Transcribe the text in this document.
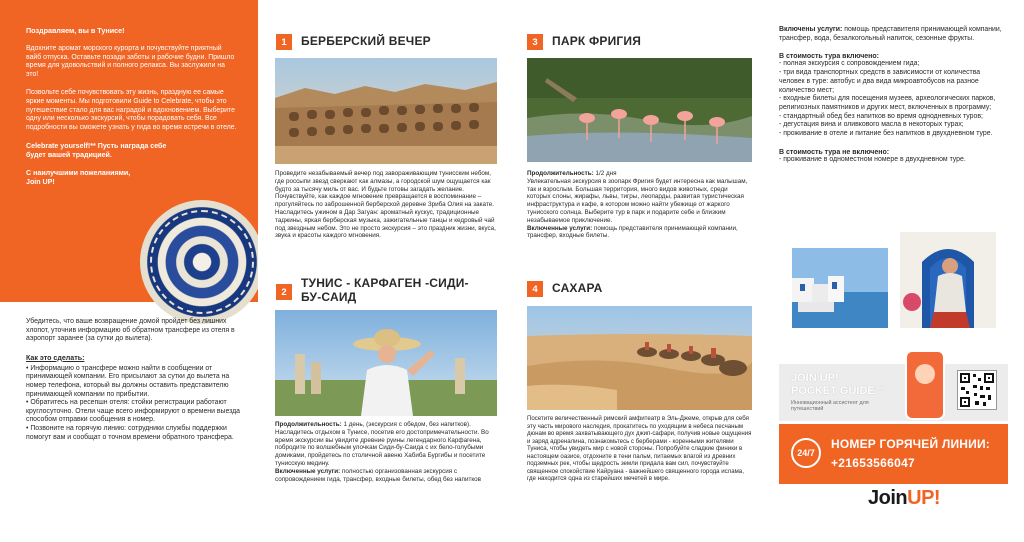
Поздравляем, вы в Тунисе!
Вдохните аромат морского курорта и почувствуйте приятный вайб отпуска. Оставьте позади заботы и рабочие будни. Пришло время для удовольствий и полного релакса. Вы заслужили на это!
Позвольте себе почувствовать эту жизнь, праздную ее самые яркие моменты. Мы подготовили Guide to Celebrate, чтобы это путешествие стало для вас наградой и вдохновением. Выберите одну или несколько экскурсий, чтобы порадовать себя. Все подробности вы сможете узнать у гида во время встречи в отеле.
Celebrate yourself!** Пусть награда себе будет вашей традицией.
С наилучшими пожеланиями,
Join UP!
Убедитесь, что ваше возвращение домой пройдет без лишних хлопот, уточнив информацию об обратном трансфере из отеля в аэропорт заранее (за сутки до вылета).
Как это сделать:
• Информацию о трансфере можно найти в сообщении от принимающей компании. Его присылают за сутки до вылета на номер телефона, который вы должны оставить представителю принимающей компании по прибытии.
• Обратитесь на ресепшн отеля: стойки регистрации работают круглосуточно. Отели чаще всего информируют о времени выезда способом отправки сообщения в номер.
• Позвоните на горячую линию: сотрудники службы поддержки помогут вам и сообщат о точном времени обратного трансфера.
1	БЕРБЕРСКИЙ ВЕЧЕР
Проведите незабываемый вечер под завораживающим тунисским небом, где россыпи звезд сверкают как алмазы, а городской шум ощущается как будто за тысячу миль от вас. И будьте готовы загадать желание. Почувствуйте, как каждое мгновение превращается в воспоминание – прогуляйтесь по заброшенной берберской деревне Зриба Олия на закате. Насладитесь ужином в Дар Загуан: ароматный кускус, традиционные таджины, яркая берберская музыка, зажигательные танцы и кедровый чай под звездным небом. Это не просто экскурсия – это праздник жизни, вкуса, звука и красоты каждого мгновения.
2
ТУНИС - КАРФАГЕН -СИДИ-
БУ-САИД
Продолжительность: 1 день, (экскурсия с обедом, без напитков). Насладитесь отдыхом в Тунисе, посетив его достопримечательности. Во время экскурсии вы увидите древние руины легендарного Карфагена, побродите по волшебным улочкам Сиди-бу-Саида с их бело-голубыми домиками, пройдетесь по столичной авеню Хабиба Бургибы и посетите тунисскую медину.
Включенные услуги: полностью организованная экскурсия с сопровождением гида, трансфер, входные билеты, обед без напитков
3	ПАРК ФРИГИЯ
Продолжительность: 1/2 дня
Увлекательная экскурсия в зоопарк Фригия будет интересна как малышам, так и взрослым. Большая территория, много видов животных, среди которых слоны, жирафы, львы, тигры, леопарды, развитая туристическая инфраструктура и кафе, в котором можно найти убежище от жаркого тунисского солнца. Выберите тур в парк и подарите себе и близким незабываемое приключение.
Включенные услуги: помощь представителя принимающей компании, трансфер, входные билеты.
4	САХАРА
Посетите величественный римский амфитеатр в Эль-Джеме, открыв для себя эту часть мирового наследия, прокатитесь по уходящим в небеса песчаным дюнам во время захватывающего дух джип-сафари, получив новые ощущения и заряд адреналина, познакомьтесь с берберами - коренными жителями Туниса, чтобы увидеть мир с новой стороны. Попробуйте сладкие финики в настоящем оазисе, отдохните в тени пальм, питаемых влагой из древних подземных рек, чтобы щедрость земли придала вам сил, почувствуйте священное спокойствие Кайруана - важнейшего священного города ислама, где находится одна из старейших мечетей в мире.
Включены услуги: помощь представителя принимающей компании, трансфер, вода, безалкогольный напиток, сезонные фрукты.
В стоимость тура включено:
- полная экскурсия с сопровождением гида;
- три вида транспортных средств в зависимости от количества человек в туре: автобус и два вида микроавтобусов на разное количество мест;
- входные билеты для посещения музеев, археологических парков, религиозных памятников и других мест, включенных в программу;
- стандартный обед без напитков во время однодневных туров;
- дегустация вина и оливкового масла в некоторых турах;
- проживание в отеле и питание без напитков в двухдневном туре.
В стоимость тура не включено:
- проживание в одноместном номере в двухдневном туре.
JOIN UP!
POCKET GUIDE™
Инновационный ассистент для путешествий
24/7
НОМЕР ГОРЯЧЕЙ ЛИНИИ:
+21653566047
JoinUP!
